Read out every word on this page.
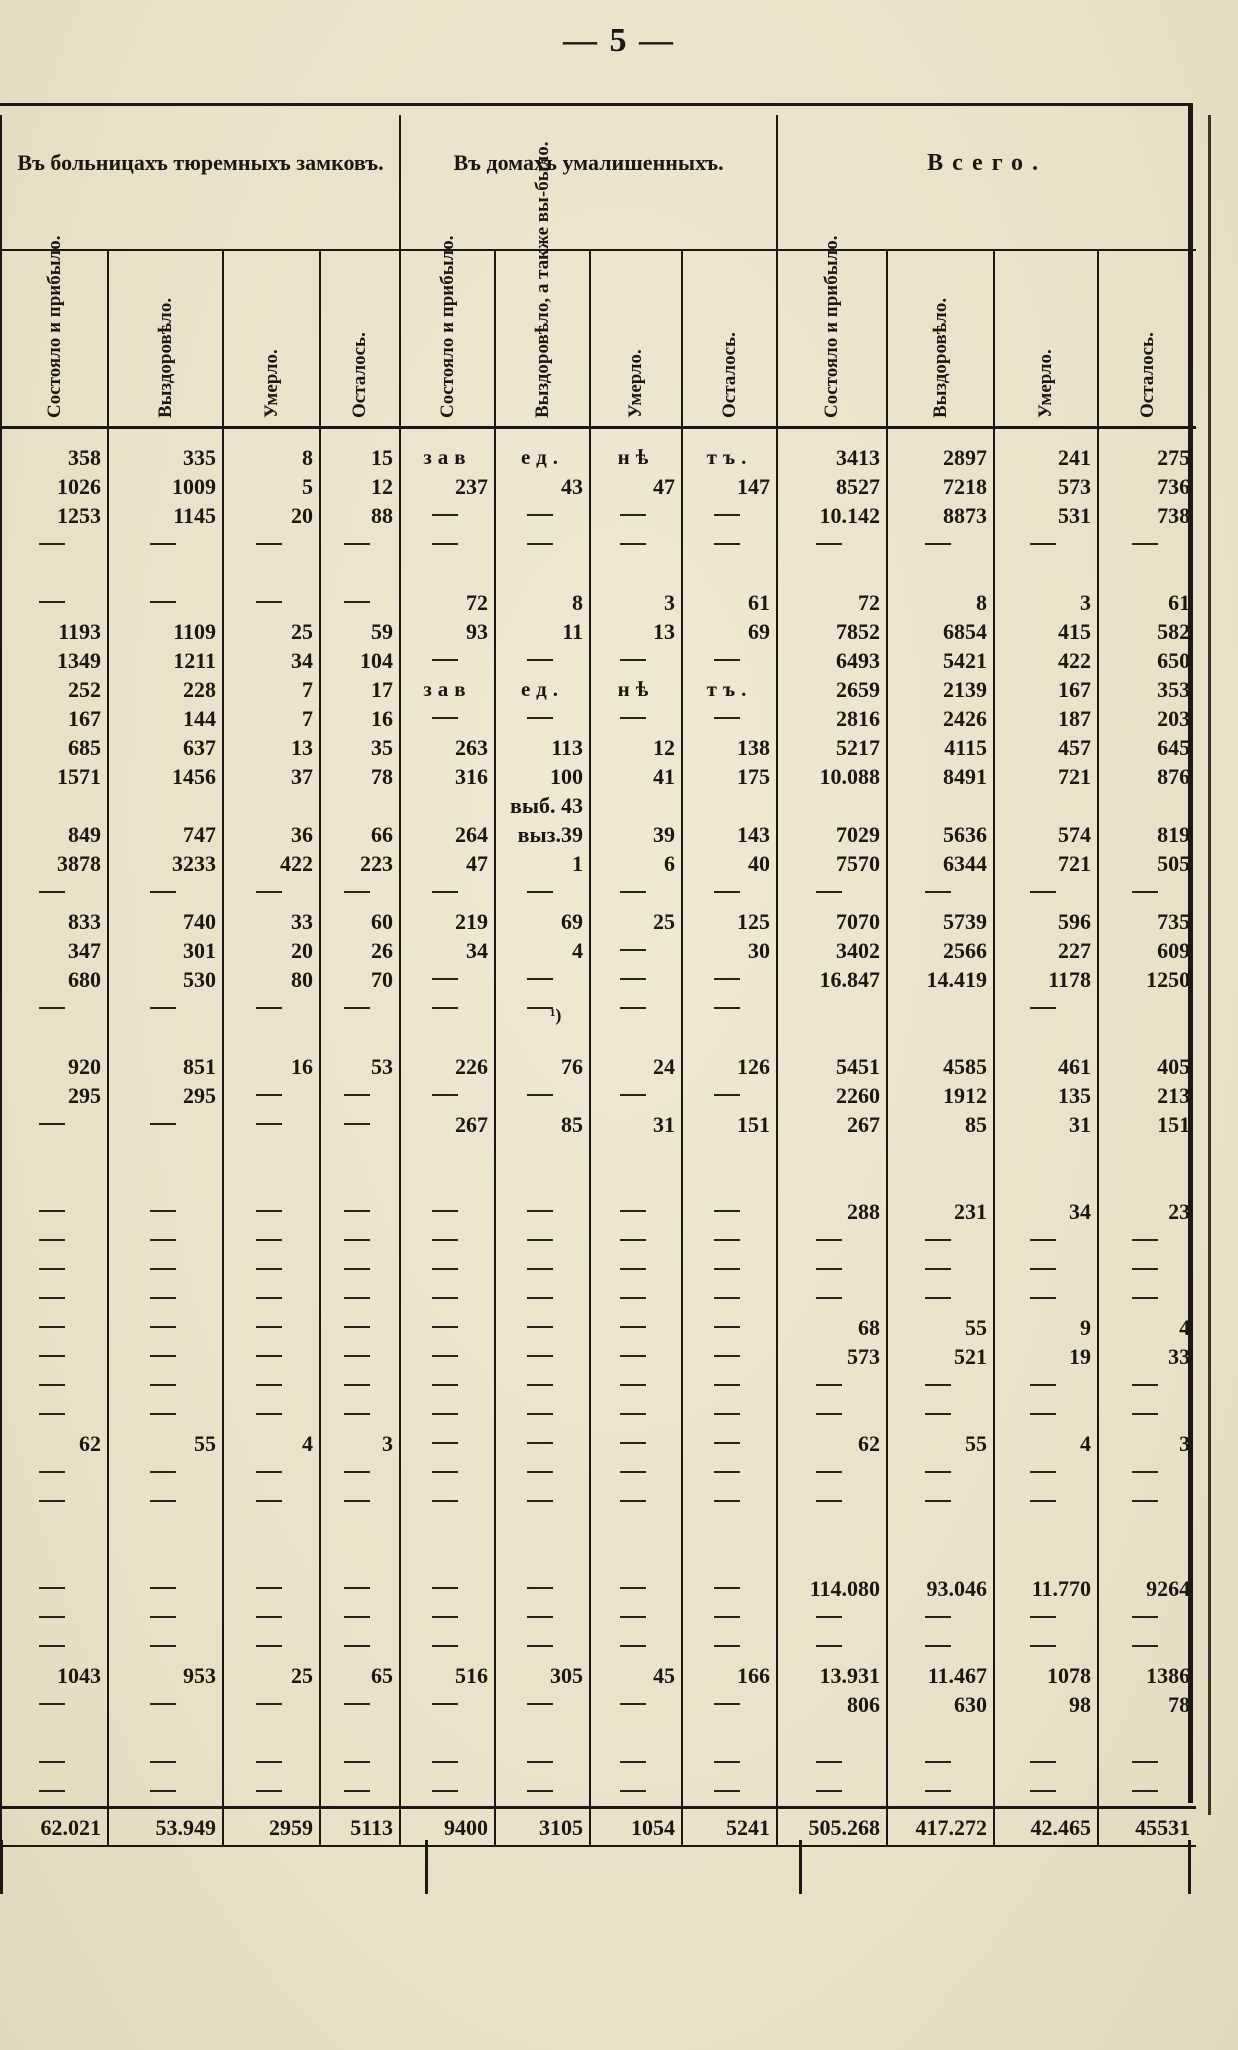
— 5 —
Въ больницахъ тюремныхъ замковъ.				Въ домахъ умалишенныхъ.				Всего.			

Состояло и прибыло.	Выздоровѣло.	Умерло.	Осталось.	Состояло и прибыло.	Выздоровѣло, а также вы-было.	Умерло.	Осталось.	Состояло и прибыло.	Выздоровѣло.	Умерло.	Осталось.

358	335	8	15	зав	ед.	нѣ	тъ.	3413	2897	241	275
1026	1009	5	12	237	43	47	147	8527	7218	573	736
1253	1145	20	88					10.142	8873	531	738

				72	8	3	61	72	8	3	61
1193	1109	25	59	93	11	13	69	7852	6854	415	582
1349	1211	34	104					6493	5421	422	650
252	228	7	17	зав	ед.	нѣ	тъ.	2659	2139	167	353
167	144	7	16					2816	2426	187	203
685	637	13	35	263	113	12	138	5217	4115	457	645
1571	1456	37	78	316	100	41	175	10.088	8491	721	876
					выб. 43						
849	747	36	66	264	выз.39	39	143	7029	5636	574	819
3878	3233	422	223	47	1	6	40	7570	6344	721	505

833	740	33	60	219	69	25	125	7070	5739	596	735
347	301	20	26	34	4		30	3402	2566	227	609
680	530	80	70					16.847	14.419	1178	1250

920	851	16	53	226	76	24	126	5451	4585	461	405
295	295							2260	1912	135	213
				267	85	31	151	267	85	31	151

								288	231	34	23

								68	55	9	4
								573	521	19	33

62	55	4	3					62	55	4	3

								114.080	93.046	11.770	9264

1043	953	25	65	516	305	45	166	13.931	11.467	1078	1386
								806	630	98	78

62.021	53.949	2959	5113	9400	3105	1054	5241	505.268	417.272	42.465	45531
¹)
